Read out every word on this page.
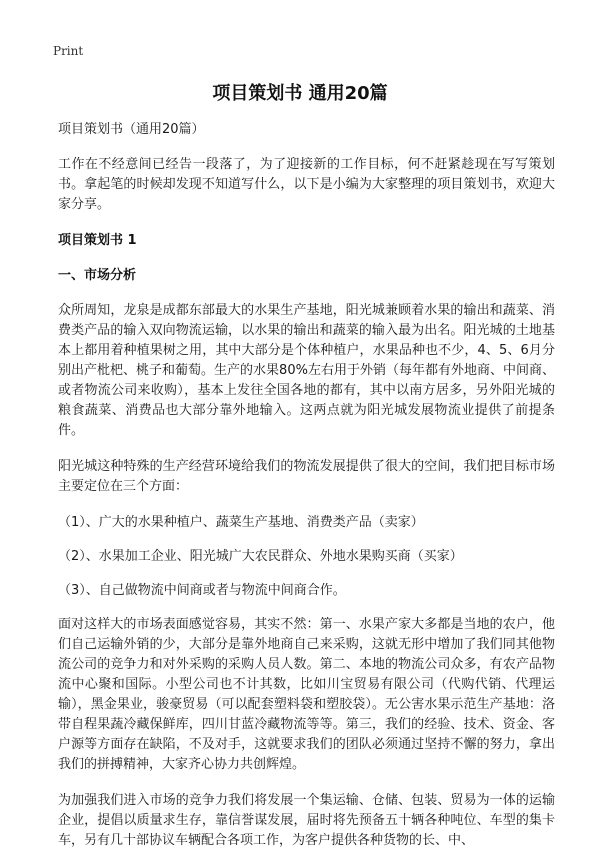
Print
项目策划书 通用20篇

项目策划书（通用20篇）

工作在不经意间已经告一段落了，为了迎接新的工作目标，何不赶紧趁现在写写策划书。拿起笔的时候却发现不知道写什么，以下是小编为大家整理的项目策划书，欢迎大家分享。

项目策划书 1

一、市场分析

众所周知，龙泉是成都东部最大的水果生产基地，阳光城兼顾着水果的输出和蔬菜、消费类产品的输入双向物流运输，以水果的输出和蔬菜的输入最为出名。阳光城的土地基本上都用着种植果树之用，其中大部分是个体种植户，水果品种也不少，4、5、6月分别出产枇杷、桃子和葡萄。生产的水果80%左右用于外销（每年都有外地商、中间商、或者物流公司来收购），基本上发往全国各地的都有，其中以南方居多，另外阳光城的粮食蔬菜、消费品也大部分靠外地输入。这两点就为阳光城发展物流业提供了前提条件。

阳光城这种特殊的生产经营环境给我们的物流发展提供了很大的空间，我们把目标市场主要定位在三个方面：

（1）、广大的水果种植户、蔬菜生产基地、消费类产品（卖家）

（2）、水果加工企业、阳光城广大农民群众、外地水果购买商（买家）

（3）、自己做物流中间商或者与物流中间商合作。

面对这样大的市场表面感觉容易，其实不然：第一、水果产家大多都是当地的农户，他们自己运输外销的少，大部分是靠外地商自己来采购，这就无形中增加了我们同其他物流公司的竞争力和对外采购的采购人员人数。第二、本地的物流公司众多，有农产品物流中心聚和国际。小型公司也不计其数，比如川宝贸易有限公司（代购代销、代理运输），黑金果业，骏豪贸易（可以配套塑料袋和塑胶袋）。无公害水果示范生产基地：洛带自程果蔬冷藏保鲜库，四川甘蓝冷藏物流等等。第三，我们的经验、技术、资金、客户源等方面存在缺陷，不及对手，这就要求我们的团队必须通过坚持不懈的努力，拿出我们的拼搏精神，大家齐心协力共创辉煌。

为加强我们进入市场的竞争力我们将发展一个集运输、仓储、包装、贸易为一体的运输企业，提倡以质量求生存，靠信誉谋发展，届时将先预备五十辆各种吨位、车型的集卡车，另有几十部协议车辆配合各项工作，为客户提供各种货物的长、中、
